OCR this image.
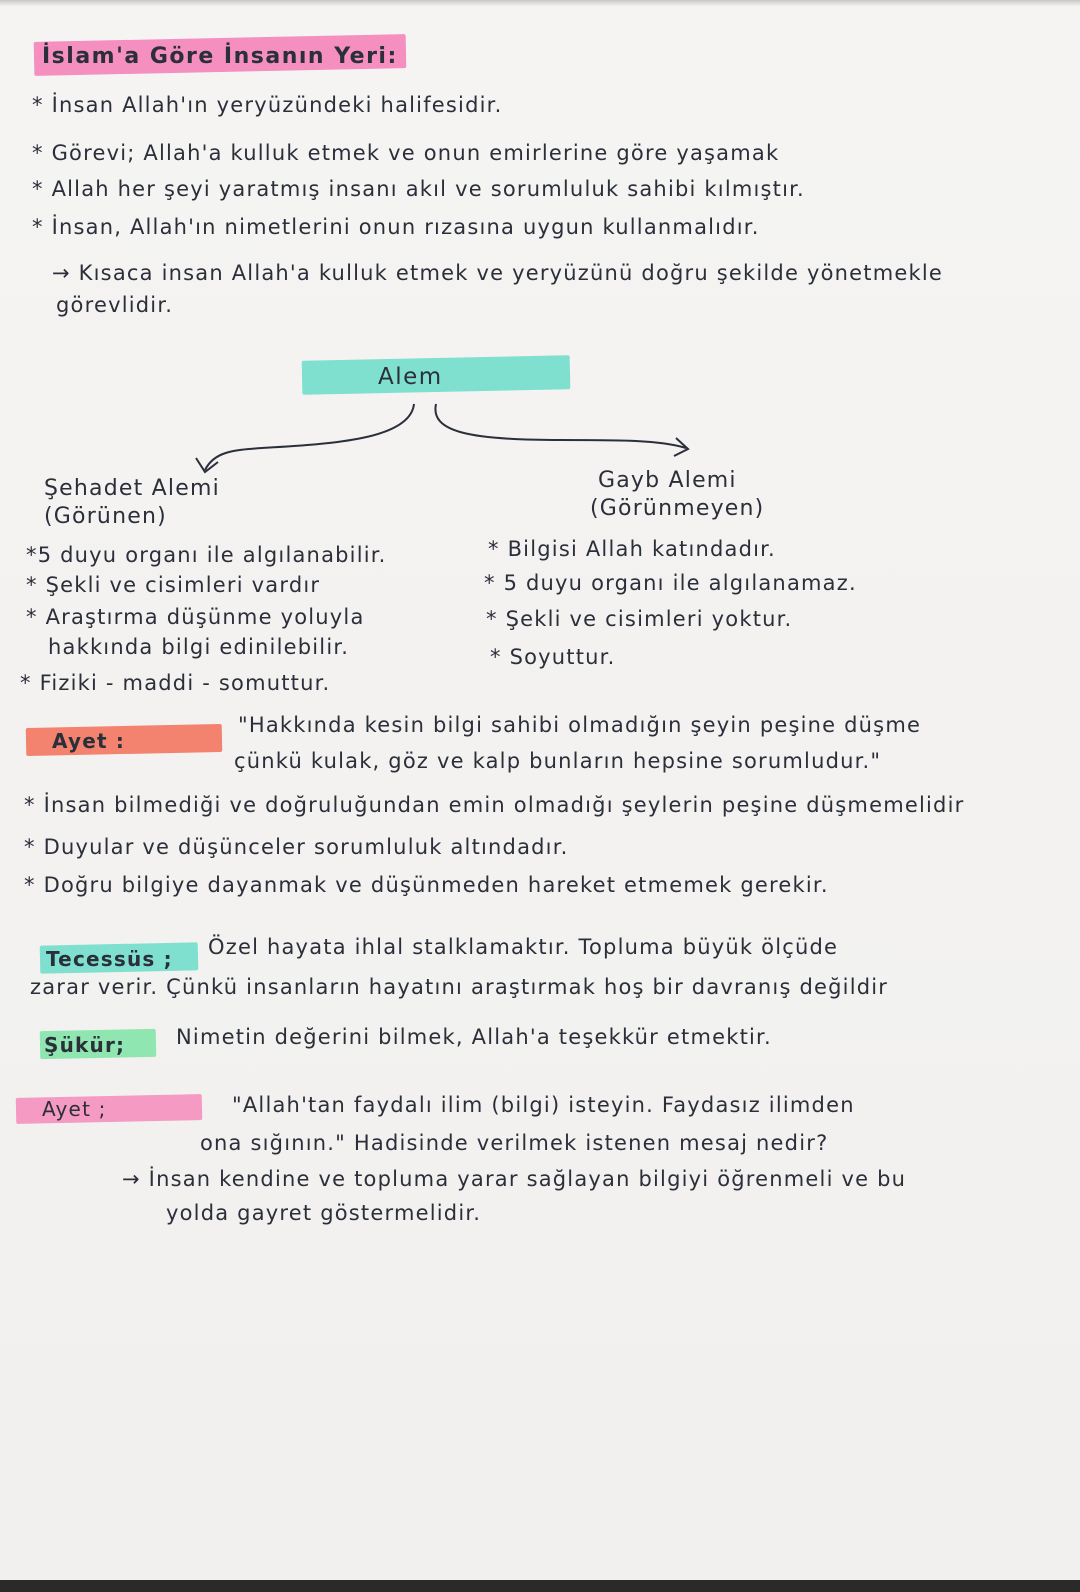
İslam'a Göre İnsanın Yeri:
* İnsan Allah'ın yeryüzündeki halifesidir.
* Görevi; Allah'a kulluk etmek ve onun emirlerine göre yaşamak
* Allah her şeyi yaratmış insanı akıl ve sorumluluk sahibi kılmıştır.
* İnsan, Allah'ın nimetlerini onun rızasına uygun kullanmalıdır.
→ Kısaca insan Allah'a kulluk etmek ve yeryüzünü doğru şekilde yönetmekle
görevlidir.
Alem
Şehadet Alemi
(Görünen)
*5 duyu organı ile algılanabilir.
* Şekli ve cisimleri vardır
* Araştırma düşünme yoluyla
hakkında bilgi edinilebilir.
* Fiziki - maddi - somuttur.
Gayb Alemi
(Görünmeyen)
* Bilgisi Allah katındadır.
* 5 duyu organı ile algılanamaz.
* Şekli ve cisimleri yoktur.
* Soyuttur.
Ayet :
"Hakkında kesin bilgi sahibi olmadığın şeyin peşine düşme
çünkü kulak, göz ve kalp bunların hepsine sorumludur."
* İnsan bilmediği ve doğruluğundan emin olmadığı şeylerin peşine düşmemelidir
* Duyular ve düşünceler sorumluluk altındadır.
* Doğru bilgiye dayanmak ve düşünmeden hareket etmemek gerekir.
Tecessüs ; Özel hayata ihlal stalklamaktır. Topluma büyük ölçüde
zarar verir. Çünkü insanların hayatını araştırmak hoş bir davranış değildir
Şükür; Nimetin değerini bilmek, Allah'a teşekkür etmektir.
Ayet ;	"Allah'tan faydalı ilim (bilgi) isteyin. Faydasız ilimden
ona sığının." Hadisinde verilmek istenen mesaj nedir?
→ İnsan kendine ve topluma yarar sağlayan bilgiyi öğrenmeli ve bu
yolda gayret göstermelidir.
